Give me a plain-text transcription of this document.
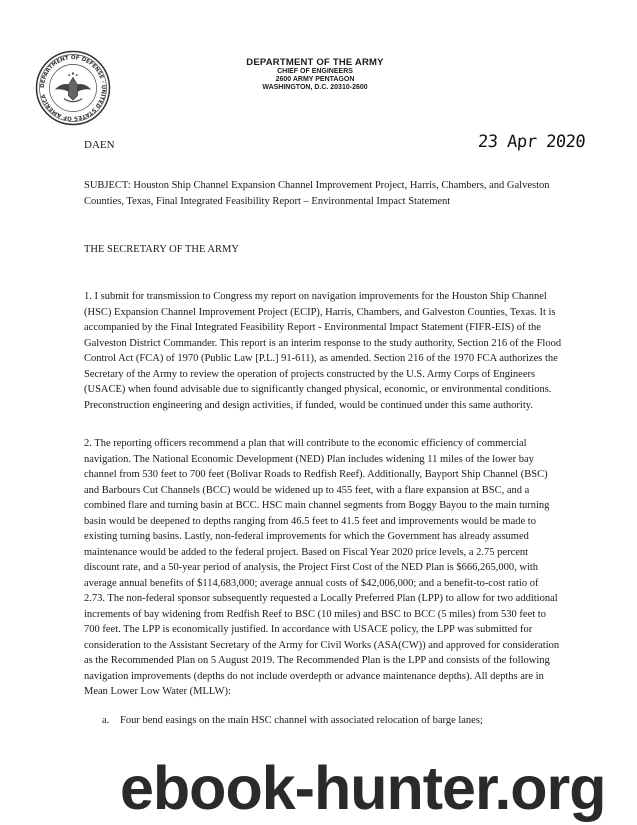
DEPARTMENT OF DEFENSE · UNITED STATES OF AMERICA
DEPARTMENT OF THE ARMY
CHIEF OF ENGINEERS
2600 ARMY PENTAGON
WASHINGTON, D.C. 20310-2600
DAEN	23 Apr 2020
SUBJECT: Houston Ship Channel Expansion Channel Improvement Project, Harris, Chambers, and Galveston Counties, Texas, Final Integrated Feasibility Report – Environmental Impact Statement
THE SECRETARY OF THE ARMY
1. I submit for transmission to Congress my report on navigation improvements for the Houston Ship Channel (HSC) Expansion Channel Improvement Project (ECIP), Harris, Chambers, and Galveston Counties, Texas. It is accompanied by the Final Integrated Feasibility Report - Environmental Impact Statement (FIFR-EIS) of the Galveston District Commander. This report is an interim response to the study authority, Section 216 of the Flood Control Act (FCA) of 1970 (Public Law [P.L.] 91-611), as amended. Section 216 of the 1970 FCA authorizes the Secretary of the Army to review the operation of projects constructed by the U.S. Army Corps of Engineers (USACE) when found advisable due to significantly changed physical, economic, or environmental conditions. Preconstruction engineering and design activities, if funded, would be continued under this same authority.
2. The reporting officers recommend a plan that will contribute to the economic efficiency of commercial navigation. The National Economic Development (NED) Plan includes widening 11 miles of the lower bay channel from 530 feet to 700 feet (Bolivar Roads to Redfish Reef). Additionally, Bayport Ship Channel (BSC) and Barbours Cut Channels (BCC) would be widened up to 455 feet, with a flare expansion at BSC, and a combined flare and turning basin at BCC. HSC main channel segments from Boggy Bayou to the main turning basin would be deepened to depths ranging from 46.5 feet to 41.5 feet and improvements would be made to existing turning basins. Lastly, non-federal improvements for which the Government has already assumed maintenance would be added to the federal project. Based on Fiscal Year 2020 price levels, a 2.75 percent discount rate, and a 50-year period of analysis, the Project First Cost of the NED Plan is $666,265,000, with average annual benefits of $114,683,000; average annual costs of $42,006,000; and a benefit-to-cost ratio of 2.73. The non-federal sponsor subsequently requested a Locally Preferred Plan (LPP) to allow for two additional increments of bay widening from Redfish Reef to BSC (10 miles) and BSC to BCC (5 miles) from 530 feet to 700 feet. The LPP is economically justified. In accordance with USACE policy, the LPP was submitted for consideration to the Assistant Secretary of the Army for Civil Works (ASA(CW)) and approved for consideration as the Recommended Plan on 5 August 2019. The Recommended Plan is the LPP and consists of the following navigation improvements (depths do not include overdepth or advance maintenance depths). All depths are in Mean Lower Low Water (MLLW):
a. Four bend easings on the main HSC channel with associated relocation of barge lanes;
ebook-hunter.org
